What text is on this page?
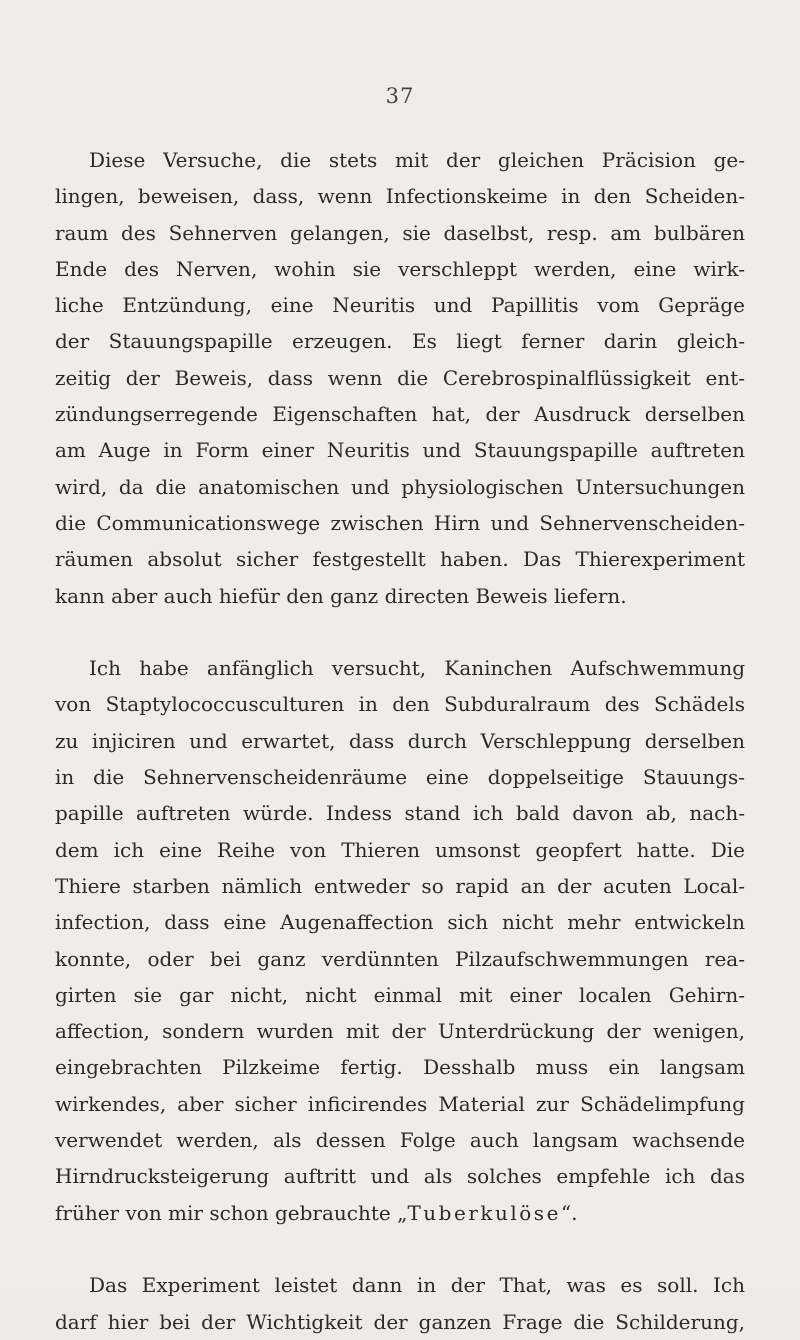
37
Diese Versuche, die stets mit der gleichen Präcision ge-
lingen, beweisen, dass, wenn Infectionskeime in den Scheiden-
raum des Sehnerven gelangen, sie daselbst, resp. am bulbären
Ende des Nerven, wohin sie verschleppt werden, eine wirk-
liche Entzündung, eine Neuritis und Papillitis vom Gepräge
der Stauungspapille erzeugen. Es liegt ferner darin gleich-
zeitig der Beweis, dass wenn die Cerebrospinalflüssigkeit ent-
zündungserregende Eigenschaften hat, der Ausdruck derselben
am Auge in Form einer Neuritis und Stauungspapille auftreten
wird, da die anatomischen und physiologischen Untersuchungen
die Communicationswege zwischen Hirn und Sehnervenscheiden-
räumen absolut sicher festgestellt haben. Das Thierexperiment
kann aber auch hiefür den ganz directen Beweis liefern.
Ich habe anfänglich versucht, Kaninchen Aufschwemmung
von Staptylococcusculturen in den Subduralraum des Schädels
zu injiciren und erwartet, dass durch Verschleppung derselben
in die Sehnervenscheidenräume eine doppelseitige Stauungs-
papille auftreten würde. Indess stand ich bald davon ab, nach-
dem ich eine Reihe von Thieren umsonst geopfert hatte. Die
Thiere starben nämlich entweder so rapid an der acuten Local-
infection, dass eine Augenaffection sich nicht mehr entwickeln
konnte, oder bei ganz verdünnten Pilzaufschwemmungen rea-
girten sie gar nicht, nicht einmal mit einer localen Gehirn-
affection, sondern wurden mit der Unterdrückung der wenigen,
eingebrachten Pilzkeime fertig. Desshalb muss ein langsam
wirkendes, aber sicher inficirendes Material zur Schädelimpfung
verwendet werden, als dessen Folge auch langsam wachsende
Hirndrucksteigerung auftritt und als solches empfehle ich das
früher von mir schon gebrauchte „Tuberkulöse“.
Das Experiment leistet dann in der That, was es soll. Ich
darf hier bei der Wichtigkeit der ganzen Frage die Schilderung,
